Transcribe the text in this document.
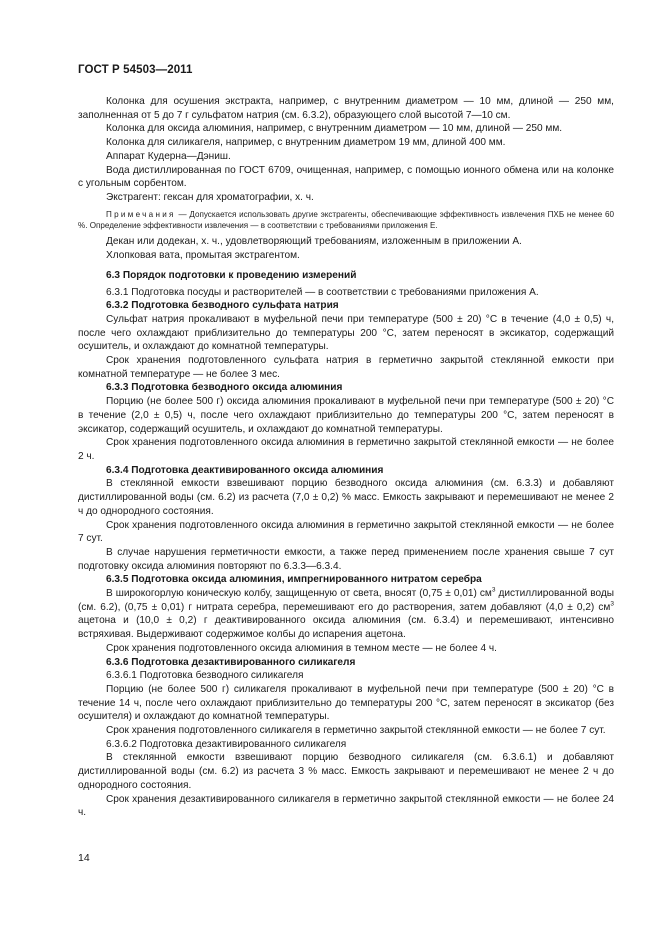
ГОСТ Р 54503—2011

Колонка для осушения экстракта, например, с внутренним диаметром — 10 мм, длиной — 250 мм, заполненная от 5 до 7 г сульфатом натрия (см. 6.3.2), образующего слой высотой 7—10 см.

Колонка для оксида алюминия, например, с внутренним диаметром — 10 мм, длиной — 250 мм.

Колонка для силикагеля, например, с внутренним диаметром 19 мм, длиной 400 мм.

Аппарат Кудерна—Дэниш.

Вода дистиллированная по ГОСТ 6709, очищенная, например, с помощью ионного обмена или на колонке с угольным сорбентом.

Экстрагент: гексан для хроматографии, х. ч.

Примечания — Допускается использовать другие экстрагенты, обеспечивающие эффективность извлечения ПХБ не менее 60 %. Определение эффективности извлечения — в соответствии с требованиями приложения Е.

Декан или додекан, х. ч., удовлетворяющий требованиям, изложенным в приложении А.

Хлопковая вата, промытая экстрагентом.

6.3 Порядок подготовки к проведению измерений

6.3.1 Подготовка посуды и растворителей — в соответствии с требованиями приложения А.

6.3.2 Подготовка безводного сульфата натрия

Сульфат натрия прокаливают в муфельной печи при температуре (500 ± 20) °С в течение (4,0 ± 0,5) ч, после чего охлаждают приблизительно до температуры 200 °С, затем переносят в эксикатор, содержащий осушитель, и охлаждают до комнатной температуры.

Срок хранения подготовленного сульфата натрия в герметично закрытой стеклянной емкости при комнатной температуре — не более 3 мес.

6.3.3 Подготовка безводного оксида алюминия

Порцию (не более 500 г) оксида алюминия прокаливают в муфельной печи при температуре (500 ± 20) °С в течение (2,0 ± 0,5) ч, после чего охлаждают приблизительно до температуры 200 °С, затем переносят в эксикатор, содержащий осушитель, и охлаждают до комнатной температуры.

Срок хранения подготовленного оксида алюминия в герметично закрытой стеклянной емкости — не более 2 ч.

6.3.4 Подготовка деактивированного оксида алюминия

В стеклянной емкости взвешивают порцию безводного оксида алюминия (см. 6.3.3) и добавляют дистиллированной воды (см. 6.2) из расчета (7,0 ± 0,2) % масс. Емкость закрывают и перемешивают не менее 2 ч до однородного состояния.

Срок хранения подготовленного оксида алюминия в герметично закрытой стеклянной емкости — не более 7 сут.

В случае нарушения герметичности емкости, а также перед применением после хранения свыше 7 сут подготовку оксида алюминия повторяют по 6.3.3—6.3.4.

6.3.5 Подготовка оксида алюминия, импрегнированного нитратом серебра

В широкогорлую коническую колбу, защищенную от света, вносят (0,75 ± 0,01) $см^3$ дистиллированной воды (см. 6.2), (0,75 ± 0,01) г нитрата серебра, перемешивают его до растворения, затем добавляют (4,0 ± 0,2) $см^3$ ацетона и (10,0 ± 0,2) г деактивированного оксида алюминия (см. 6.3.4) и перемешивают, интенсивно встряхивая. Выдерживают содержимое колбы до испарения ацетона.

Срок хранения подготовленного оксида алюминия в темном месте — не более 4 ч.

6.3.6 Подготовка дезактивированного силикагеля

6.3.6.1 Подготовка безводного силикагеля

Порцию (не более 500 г) силикагеля прокаливают в муфельной печи при температуре (500 ± 20) °С в течение 14 ч, после чего охлаждают приблизительно до температуры 200 °С, затем переносят в эксикатор (без осушителя) и охлаждают до комнатной температуры.

Срок хранения подготовленного силикагеля в герметично закрытой стеклянной емкости — не более 7 сут.

6.3.6.2 Подготовка дезактивированного силикагеля

В стеклянной емкости взвешивают порцию безводного силикагеля (см. 6.3.6.1) и добавляют дистиллированной воды (см. 6.2) из расчета 3 % масс. Емкость закрывают и перемешивают не менее 2 ч до однородного состояния.

Срок хранения дезактивированного силикагеля в герметично закрытой стеклянной емкости — не более 24 ч.

14
